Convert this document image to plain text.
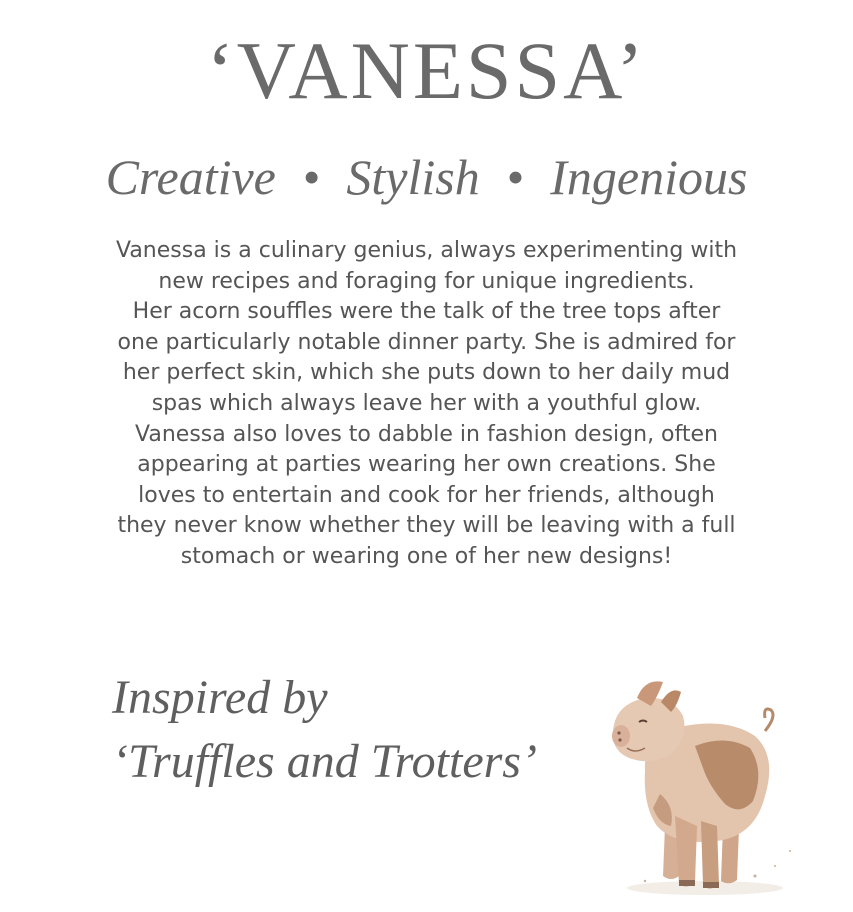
‘VANESSA’
Creative • Stylish • Ingenious

Vanessa is a culinary genius, always experimenting with
new recipes and foraging for unique ingredients.
Her acorn souffles were the talk of the tree tops after
one particularly notable dinner party. She is admired for
her perfect skin, which she puts down to her daily mud
spas which always leave her with a youthful glow.
Vanessa also loves to dabble in fashion design, often
appearing at parties wearing her own creations. She
loves to entertain and cook for her friends, although
they never know whether they will be leaving with a full
stomach or wearing one of her new designs!

Inspired by
‘Truffles and Trotters’
